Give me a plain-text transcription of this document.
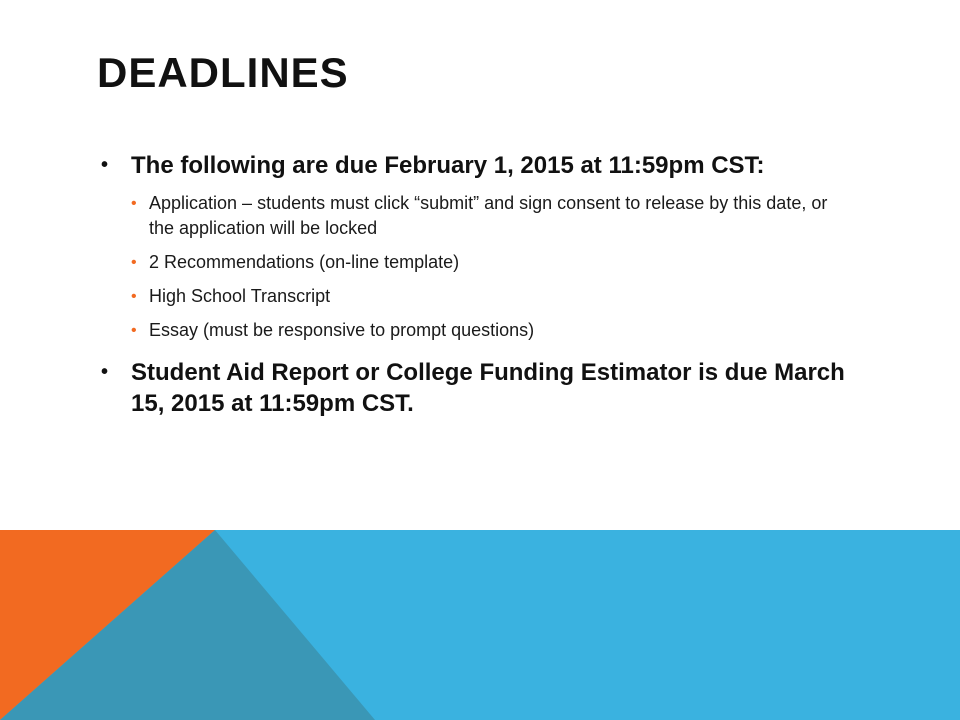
DEADLINES
• The following are due February 1, 2015 at 11:59pm CST:
• Application – students must click “submit” and sign consent to release by this date, or the application will be locked
• 2 Recommendations (on-line template)
• High School Transcript
• Essay (must be responsive to prompt questions)
• Student Aid Report or College Funding Estimator is due March 15, 2015 at 11:59pm CST.
